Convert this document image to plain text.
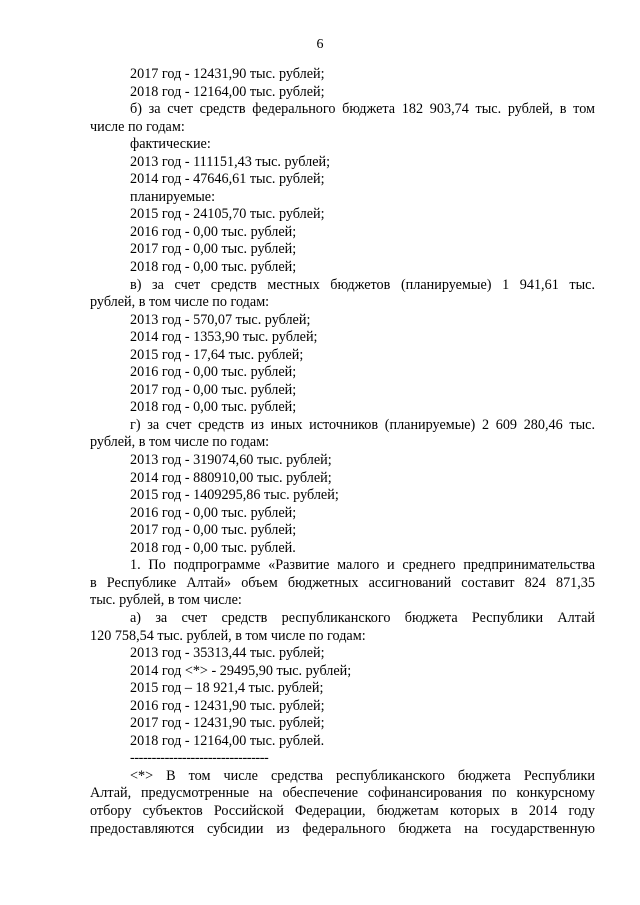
6
2017 год - 12431,90 тыс. рублей;
2018 год - 12164,00 тыс. рублей;
б) за счет средств федерального бюджета 182 903,74 тыс. рублей, в том
числе по годам:
фактические:
2013 год - 111151,43 тыс. рублей;
2014 год - 47646,61 тыс. рублей;
планируемые:
2015 год - 24105,70 тыс. рублей;
2016 год - 0,00 тыс. рублей;
2017 год - 0,00 тыс. рублей;
2018 год - 0,00 тыс. рублей;
в) за счет средств местных бюджетов (планируемые) 1 941,61 тыс.
рублей, в том числе по годам:
2013 год - 570,07 тыс. рублей;
2014 год - 1353,90 тыс. рублей;
2015 год - 17,64 тыс. рублей;
2016 год - 0,00 тыс. рублей;
2017 год - 0,00 тыс. рублей;
2018 год - 0,00 тыс. рублей;
г) за счет средств из иных источников (планируемые) 2 609 280,46 тыс.
рублей, в том числе по годам:
2013 год - 319074,60 тыс. рублей;
2014 год - 880910,00 тыс. рублей;
2015 год - 1409295,86 тыс. рублей;
2016 год - 0,00 тыс. рублей;
2017 год - 0,00 тыс. рублей;
2018 год - 0,00 тыс. рублей.
1. По подпрограмме «Развитие малого и среднего предпринимательства
в Республике Алтай» объем бюджетных ассигнований составит 824 871,35
тыс. рублей, в том числе:
а) за счет средств республиканского бюджета Республики Алтай
120 758,54 тыс. рублей, в том числе по годам:
2013 год - 35313,44 тыс. рублей;
2014 год <*> - 29495,90 тыс. рублей;
2015 год – 18 921,4 тыс. рублей;
2016 год - 12431,90 тыс. рублей;
2017 год - 12431,90 тыс. рублей;
2018 год - 12164,00 тыс. рублей.
--------------------------------
<*> В том числе средства республиканского бюджета Республики
Алтай, предусмотренные на обеспечение софинансирования по конкурсному
отбору субъектов Российской Федерации, бюджетам которых в 2014 году
предоставляются субсидии из федерального бюджета на государственную
